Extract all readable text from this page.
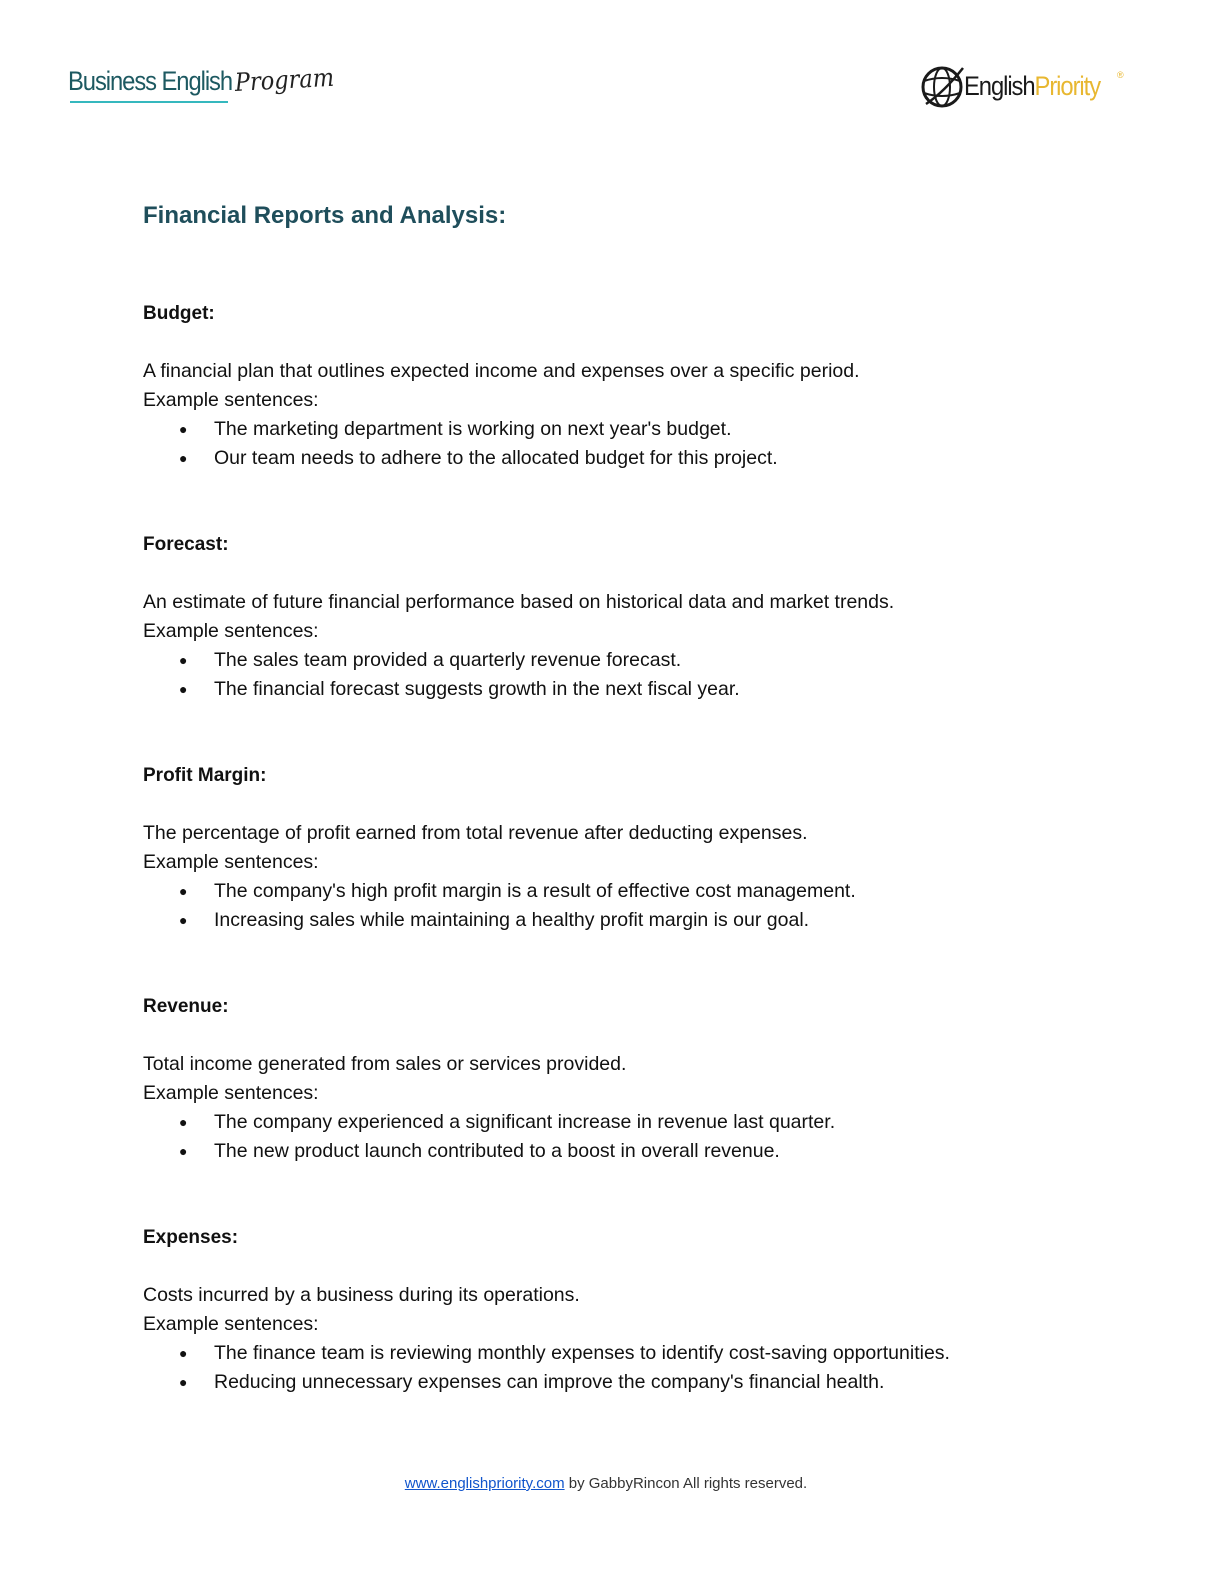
Business English Program	EnglishPriority ®
Financial Reports and Analysis:

Budget:

A financial plan that outlines expected income and expenses over a specific period.

Example sentences:

● The marketing department is working on next year's budget.
● Our team needs to adhere to the allocated budget for this project.

Forecast:

An estimate of future financial performance based on historical data and market trends.

Example sentences:

● The sales team provided a quarterly revenue forecast.
● The financial forecast suggests growth in the next fiscal year.

Profit Margin:

The percentage of profit earned from total revenue after deducting expenses.

Example sentences:

● The company's high profit margin is a result of effective cost management.
● Increasing sales while maintaining a healthy profit margin is our goal.

Revenue:

Total income generated from sales or services provided.

Example sentences:

● The company experienced a significant increase in revenue last quarter.
● The new product launch contributed to a boost in overall revenue.

Expenses:

Costs incurred by a business during its operations.

Example sentences:

● The finance team is reviewing monthly expenses to identify cost-saving opportunities.
● Reducing unnecessary expenses can improve the company's financial health.
www.englishpriority.com by GabbyRincon All rights reserved.
